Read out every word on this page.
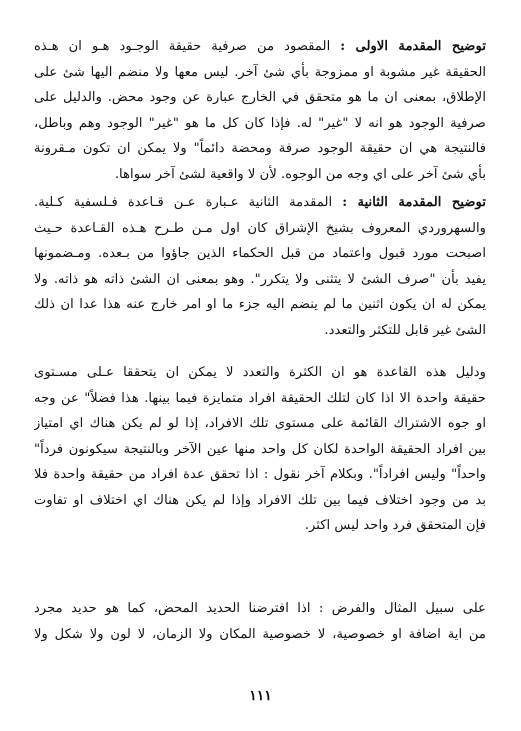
توضيح المقدمة الاولى : المقصود من صرفية حقيقة الوجـود هـو ان هـذه
الحقيقة غير مشوبة او ممزوجة بأي شئ آخر. ليس معها ولا منضم اليها شئ على
الإطلاق، بمعنى ان ما هو متحقق في الخارج عبارة عن وجود محض. والدليل على
صرفية الوجود هو انه لا "غير" له. فإذا كان كل ما هو "غير" الوجود وهم وباطل،
فالنتيجة هي ان حقيقة الوجود صرفة ومحضة دائماً" ولا يمكن ان تكون مـقرونة
بأي شئ آخر على اي وجه من الوجوه. لأن لا واقعية لشئ آخر سواها.

توضيح المقدمة الثانية : المقدمة الثانية عـبارة عـن قـاعدة فـلسفية كـلية.
والسهروردي المعروف بشيخ الإشراق كان اول مـن طـرح هـذه القـاعدة حـيث
اصبحت مورد قبول واعتماد من قبل الحكماء الذين جاؤوا من بـعده. ومـضمونها
يفيد بأن "صرف الشئ لا يتثنى ولا يتكرر". وهو بمعنى ان الشئ ذاته هو ذاته. ولا
يمكن له ان يكون اثنين ما لم ينضم اليه جزء ما او امر خارج عنه هذا عدا ان ذلك
الشئ غير قابل للتكثر والتعدد.

ودليل هذه القاعدة هو ان الكثرة والتعدد لا يمكن ان يتحققا عـلى مسـتوى
حقيقة واحدة الا اذا كان لتلك الحقيقة افراد متمايزة فيما بينها. هذا فضلاً" عن وجه
او جوه الاشتراك القائمة على مستوى تلك الافراد، إذا لو لم يكن هناك اي امتياز
بين افراد الحقيقة الواحدة لكان كل واحد منها عين الآخر وبالنتيجة سيكونون فرداً"
واحداً" وليس افراداً". وبكلام آخر نقول : اذا تحقق عدة افراد من حقيقة واحدة فلا
بد من وجود اختلاف فيما بين تلك الافراد وإذا لم يكن هناك اي اختلاف او تفاوت
فإن المتحقق فرد واحد ليس اكثر.

على سبيل المثال والفرض : اذا افترضنا الحديد المحض، كما هو حديد مجرد
من اية اضافة او خصوصية، لا خصوصية المكان ولا الزمان، لا لون ولا شكل ولا

١١١
